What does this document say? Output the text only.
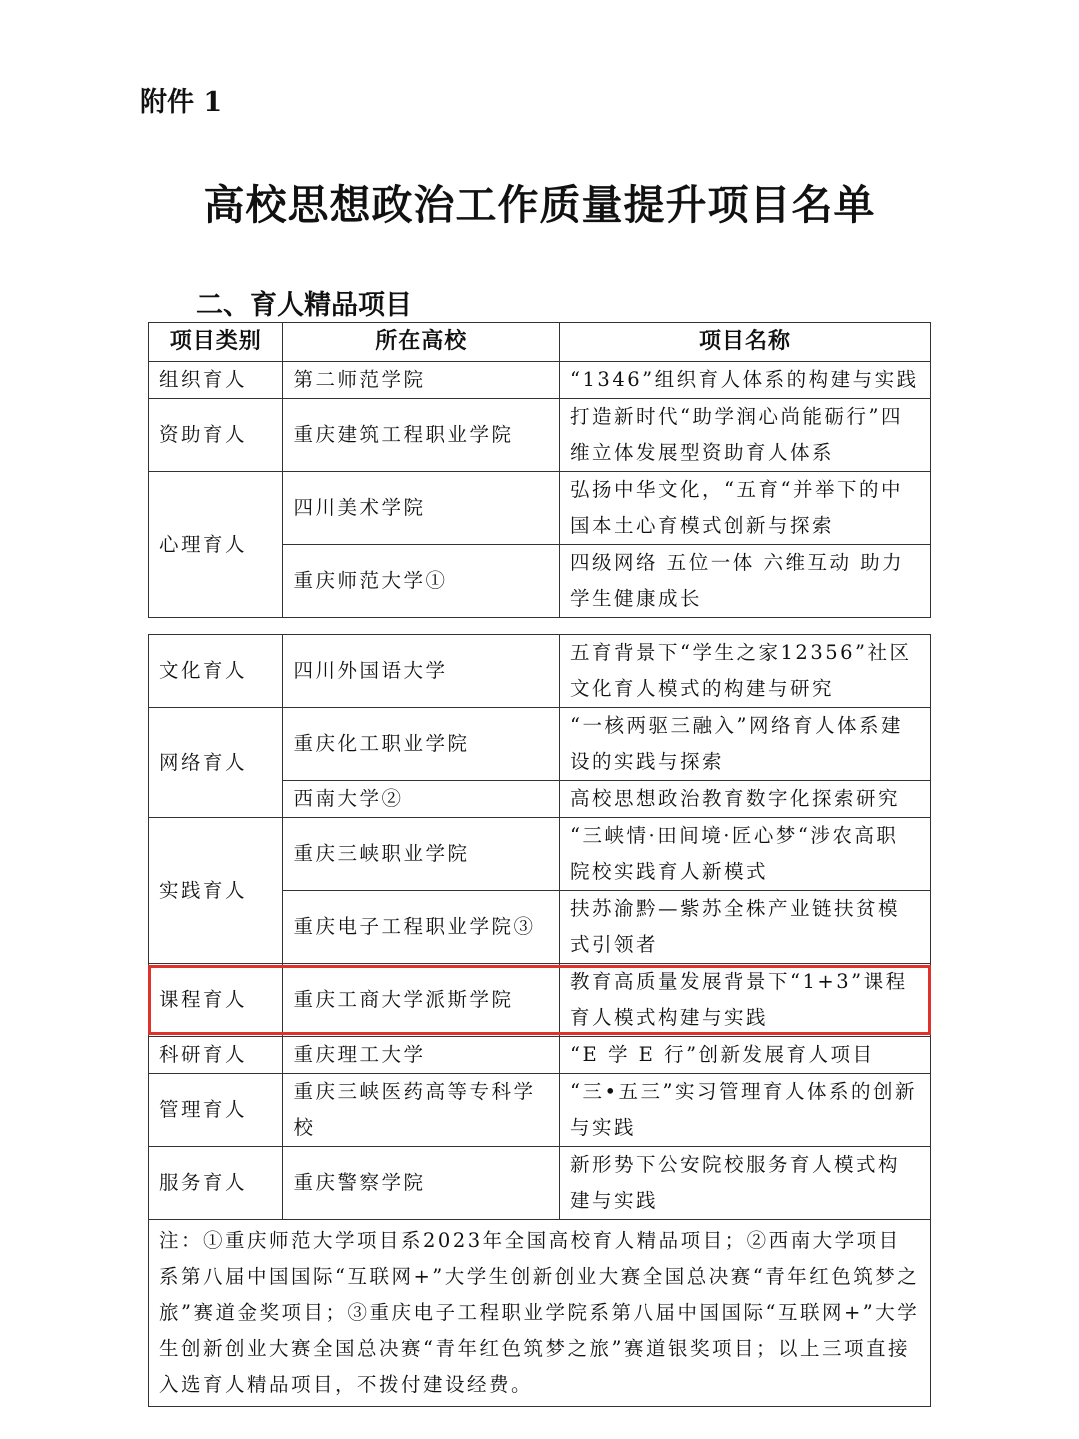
附件 1
高校思想政治工作质量提升项目名单
二、育人精品项目
项目类别	所在高校	项目名称
组织育人	第二师范学院	“1346”组织育人体系的构建与实践
资助育人	重庆建筑工程职业学院	打造新时代“助学润心尚能砺行”四维立体发展型资助育人体系
心理育人	四川美术学院	弘扬中华文化，“五育“并举下的中国本土心育模式创新与探索
	重庆师范大学①	四级网络 五位一体 六维互动 助力学生健康成长
文化育人	四川外国语大学	五育背景下“学生之家12356”社区文化育人模式的构建与研究
网络育人	重庆化工职业学院	“一核两驱三融入”网络育人体系建设的实践与探索
	西南大学②	高校思想政治教育数字化探索研究
实践育人	重庆三峡职业学院	“三峡情·田间境·匠心梦“涉农高职院校实践育人新模式
	重庆电子工程职业学院③	扶苏渝黔—紫苏全株产业链扶贫模式引领者
课程育人	重庆工商大学派斯学院	教育高质量发展背景下“1+3”课程育人模式构建与实践
科研育人	重庆理工大学	“E 学 E 行”创新发展育人项目
管理育人	重庆三峡医药高等专科学校	“三•五三”实习管理育人体系的创新与实践
服务育人	重庆警察学院	新形势下公安院校服务育人模式构建与实践
注：①重庆师范大学项目系2023年全国高校育人精品项目；②西南大学项目系第八届中国国际“互联网+”大学生创新创业大赛全国总决赛“青年红色筑梦之旅”赛道金奖项目；③重庆电子工程职业学院系第八届中国国际“互联网+”大学生创新创业大赛全国总决赛“青年红色筑梦之旅”赛道银奖项目；以上三项直接入选育人精品项目，不拨付建设经费。		
